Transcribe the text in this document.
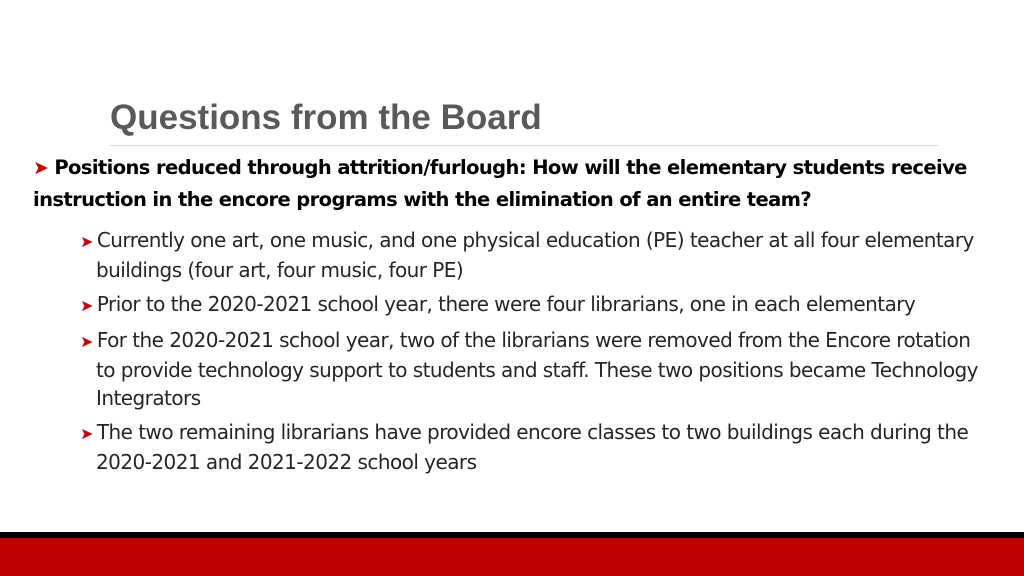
Questions from the Board
➤ Positions reduced through attrition/furlough: How will the elementary students receive instruction in the encore programs with the elimination of an entire team?
➤ Currently one art, one music, and one physical education (PE) teacher at all four elementary buildings (four art, four music, four PE)
➤ Prior to the 2020-2021 school year, there were four librarians, one in each elementary
➤ For the 2020-2021 school year, two of the librarians were removed from the Encore rotation to provide technology support to students and staff. These two positions became Technology Integrators
➤ The two remaining librarians have provided encore classes to two buildings each during the 2020-2021 and 2021-2022 school years
